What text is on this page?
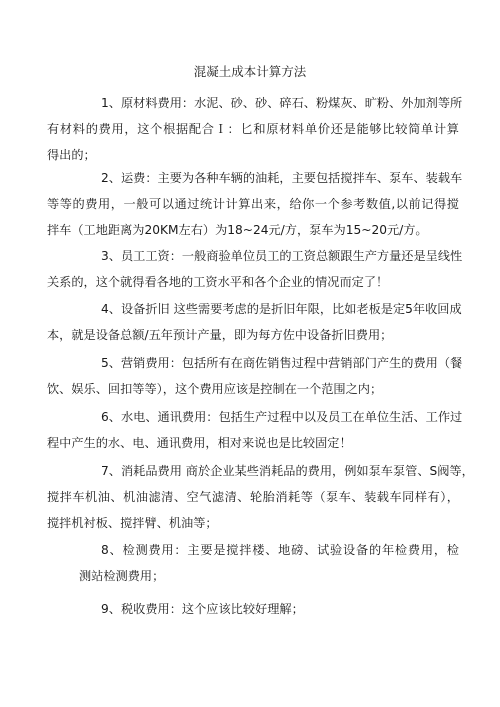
混凝土成本计算方法
1、原材料费用：水泥、砂、砂、碎石、粉煤灰、旷粉、外加剂等所
有材料的费用，这个根据配合Ｉ：匕和原材料单价还是能够比较简单计算
得出的；
2、运费：主要为各种车辆的油耗，主要包括搅拌车、泵车、装载车
等等的费用，一般可以通过统计计算出来，给你一个参考数值,以前记得搅
拌车（工地距离为20KM左右）为18~24元/方，泵车为15~20元/方。
3、员工工资：一般商验单位员工的工资总额跟生产方量还是呈线性
关系的，这个就得看各地的工资水平和各个企业的情况而定了！
4、设备折旧 这些需要考虑的是折旧年限，比如老板是定5年收回成
本，就是设备总额/五年预计产量，即为每方佐中设备折旧费用；
5、营销费用：包括所有在商佐销售过程中营销部门产生的费用（餐
饮、娱乐、回扣等等），这个费用应该是控制在一个范围之内；
6、水电、通讯费用：包括生产过程中以及员工在单位生活、工作过
程中产生的水、电、通讯费用，相对来说也是比较固定！
7、消耗品费用 商於企业某些消耗品的费用，例如泵车泵管、S阀等，
搅拌车机油、机油滤清、空气滤清、轮胎消耗等（泵车、装载车同样有），
搅拌机衬板、搅拌臂、机油等；
8、检测费用：主要是搅拌楼、地磅、试验设备的年检费用，检
测站检测费用；
9、税收费用：这个应该比较好理解；
